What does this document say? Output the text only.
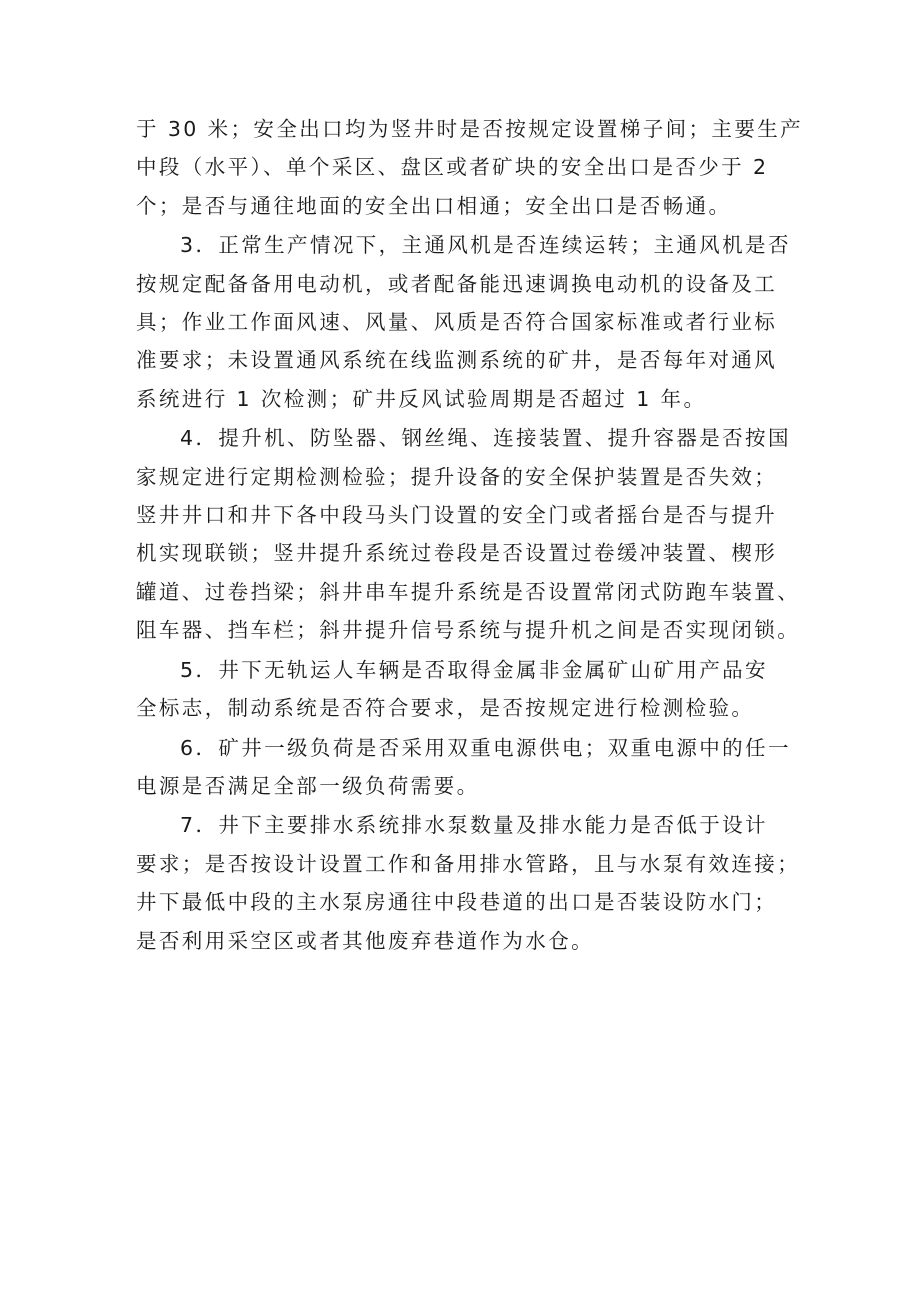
于 30 米；安全出口均为竖井时是否按规定设置梯子间；主要生产
中段（水平）、单个采区、盘区或者矿块的安全出口是否少于 2
个；是否与通往地面的安全出口相通；安全出口是否畅通。
3．正常生产情况下，主通风机是否连续运转；主通风机是否
按规定配备备用电动机，或者配备能迅速调换电动机的设备及工
具；作业工作面风速、风量、风质是否符合国家标准或者行业标
准要求；未设置通风系统在线监测系统的矿井，是否每年对通风
系统进行 1 次检测；矿井反风试验周期是否超过 1 年。
4．提升机、防坠器、钢丝绳、连接装置、提升容器是否按国
家规定进行定期检测检验；提升设备的安全保护装置是否失效；
竖井井口和井下各中段马头门设置的安全门或者摇台是否与提升
机实现联锁；竖井提升系统过卷段是否设置过卷缓冲装置、楔形
罐道、过卷挡梁；斜井串车提升系统是否设置常闭式防跑车装置、
阻车器、挡车栏；斜井提升信号系统与提升机之间是否实现闭锁。
5．井下无轨运人车辆是否取得金属非金属矿山矿用产品安
全标志，制动系统是否符合要求，是否按规定进行检测检验。
6．矿井一级负荷是否采用双重电源供电；双重电源中的任一
电源是否满足全部一级负荷需要。
7．井下主要排水系统排水泵数量及排水能力是否低于设计
要求；是否按设计设置工作和备用排水管路，且与水泵有效连接；
井下最低中段的主水泵房通往中段巷道的出口是否装设防水门；
是否利用采空区或者其他废弃巷道作为水仓。
